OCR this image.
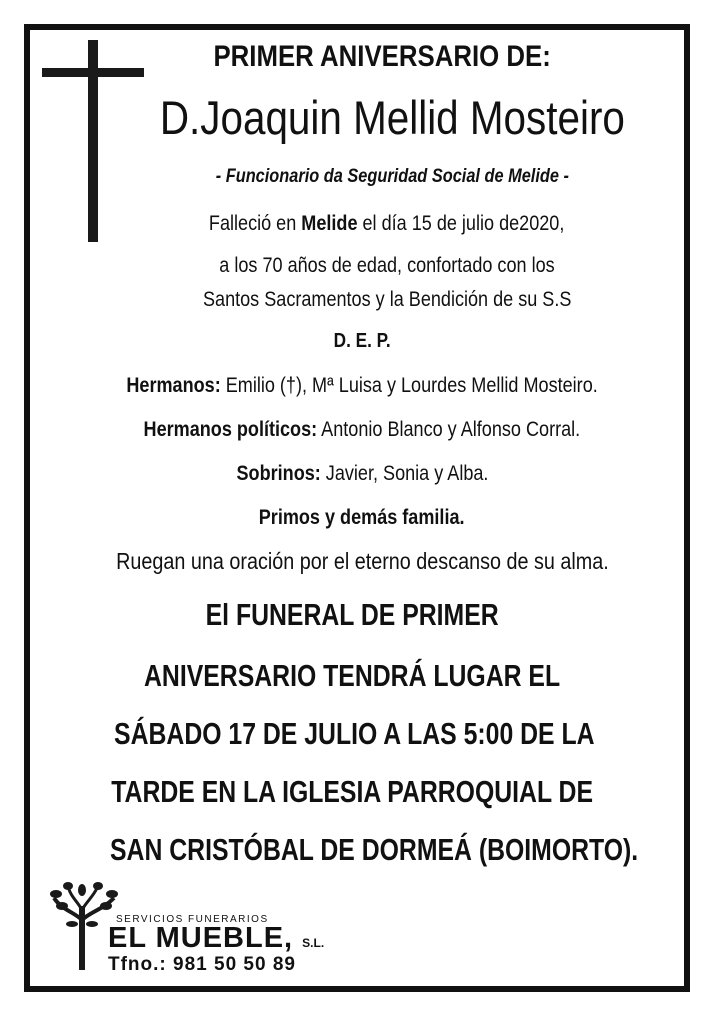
PRIMER ANIVERSARIO DE:
D.Joaquin Mellid Mosteiro
- Funcionario da Seguridad Social de Melide -
Falleció en Melide el día 15 de julio de2020,
a los 70 años de edad, confortado con los
Santos Sacramentos y la Bendición de su S.S
D. E. P.
Hermanos: Emilio (†), Mª Luisa y Lourdes Mellid Mosteiro.
Hermanos políticos: Antonio Blanco y Alfonso Corral.
Sobrinos: Javier, Sonia y Alba.
Primos y demás familia.
Ruegan una oración por el eterno descanso de su alma.
El FUNERAL DE PRIMER
ANIVERSARIO TENDRÁ LUGAR EL
SÁBADO 17 DE JULIO A LAS 5:00 DE LA
TARDE EN LA IGLESIA PARROQUIAL DE
SAN CRISTÓBAL DE DORMEÁ (BOIMORTO).
SERVICIOS FUNERARIOS
EL MUEBLE, S.L.
Tfno.: 981 50 50 89
